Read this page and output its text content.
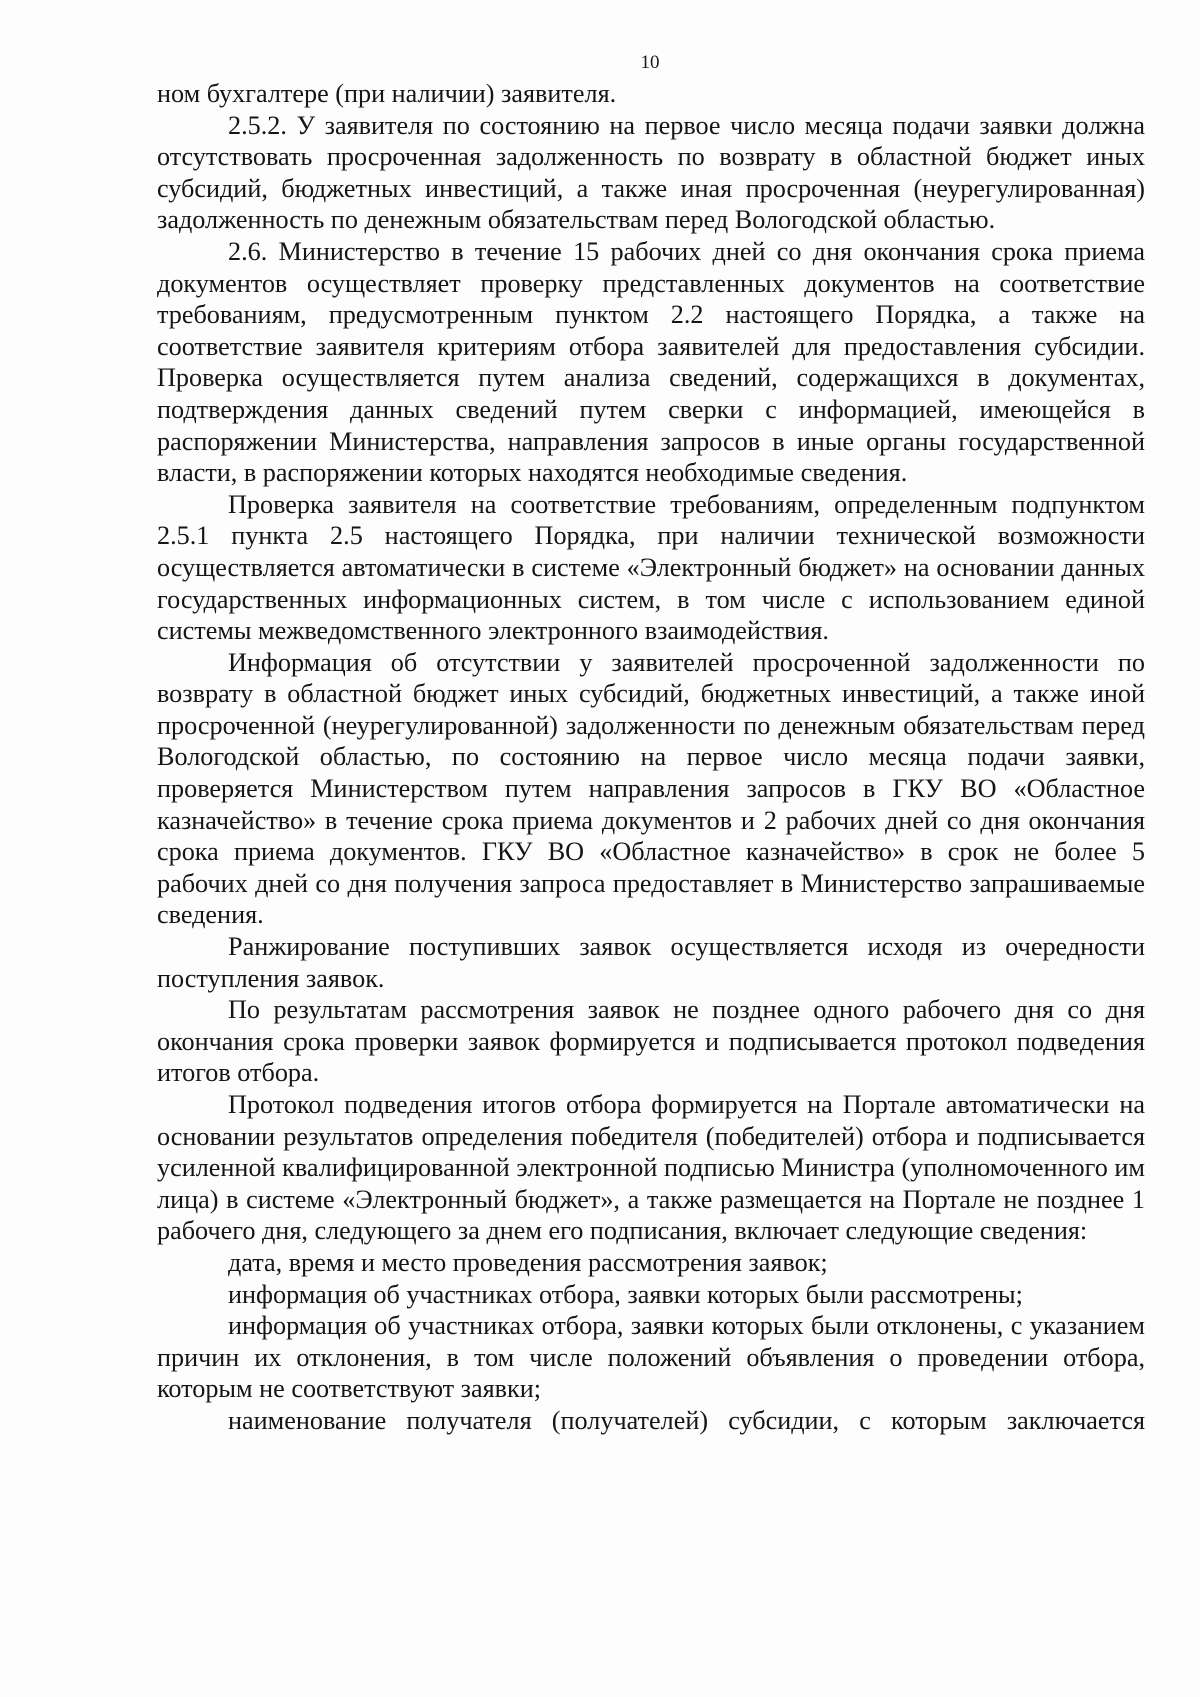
10

ном бухгалтере (при наличии) заявителя.

2.5.2. У заявителя по состоянию на первое число месяца подачи заявки должна отсутствовать просроченная задолженность по возврату в областной бюджет иных субсидий, бюджетных инвестиций, а также иная просроченная (неурегулированная) задолженность по денежным обязательствам перед Вологодской областью.

2.6. Министерство в течение 15 рабочих дней со дня окончания срока приема документов осуществляет проверку представленных документов на соответствие требованиям, предусмотренным пунктом 2.2 настоящего Порядка, а также на соответствие заявителя критериям отбора заявителей для предоставления субсидии. Проверка осуществляется путем анализа сведений, содержащихся в документах, подтверждения данных сведений путем сверки с информацией, имеющейся в распоряжении Министерства, направления запросов в иные органы государственной власти, в распоряжении которых находятся необходимые сведения.

Проверка заявителя на соответствие требованиям, определенным подпунктом 2.5.1 пункта 2.5 настоящего Порядка, при наличии технической возможности осуществляется автоматически в системе «Электронный бюджет» на основании данных государственных информационных систем, в том числе с использованием единой системы межведомственного электронного взаимодействия.

Информация об отсутствии у заявителей просроченной задолженности по возврату в областной бюджет иных субсидий, бюджетных инвестиций, а также иной просроченной (неурегулированной) задолженности по денежным обязательствам перед Вологодской областью, по состоянию на первое число месяца подачи заявки, проверяется Министерством путем направления запросов в ГКУ ВО «Областное казначейство» в течение срока приема документов и 2 рабочих дней со дня окончания срока приема документов. ГКУ ВО «Областное казначейство» в срок не более 5 рабочих дней со дня получения запроса предоставляет в Министерство запрашиваемые сведения.

Ранжирование поступивших заявок осуществляется исходя из очередности поступления заявок.

По результатам рассмотрения заявок не позднее одного рабочего дня со дня окончания срока проверки заявок формируется и подписывается протокол подведения итогов отбора.

Протокол подведения итогов отбора формируется на Портале автоматически на основании результатов определения победителя (победителей) отбора и подписывается усиленной квалифицированной электронной подписью Министра (уполномоченного им лица) в системе «Электронный бюджет», а также размещается на Портале не позднее 1 рабочего дня, следующего за днем его подписания, включает следующие сведения:

дата, время и место проведения рассмотрения заявок;

информация об участниках отбора, заявки которых были рассмотрены;

информация об участниках отбора, заявки которых были отклонены, с указанием причин их отклонения, в том числе положений объявления о проведении отбора, которым не соответствуют заявки;

наименование получателя (получателей) субсидии, с которым заключается
